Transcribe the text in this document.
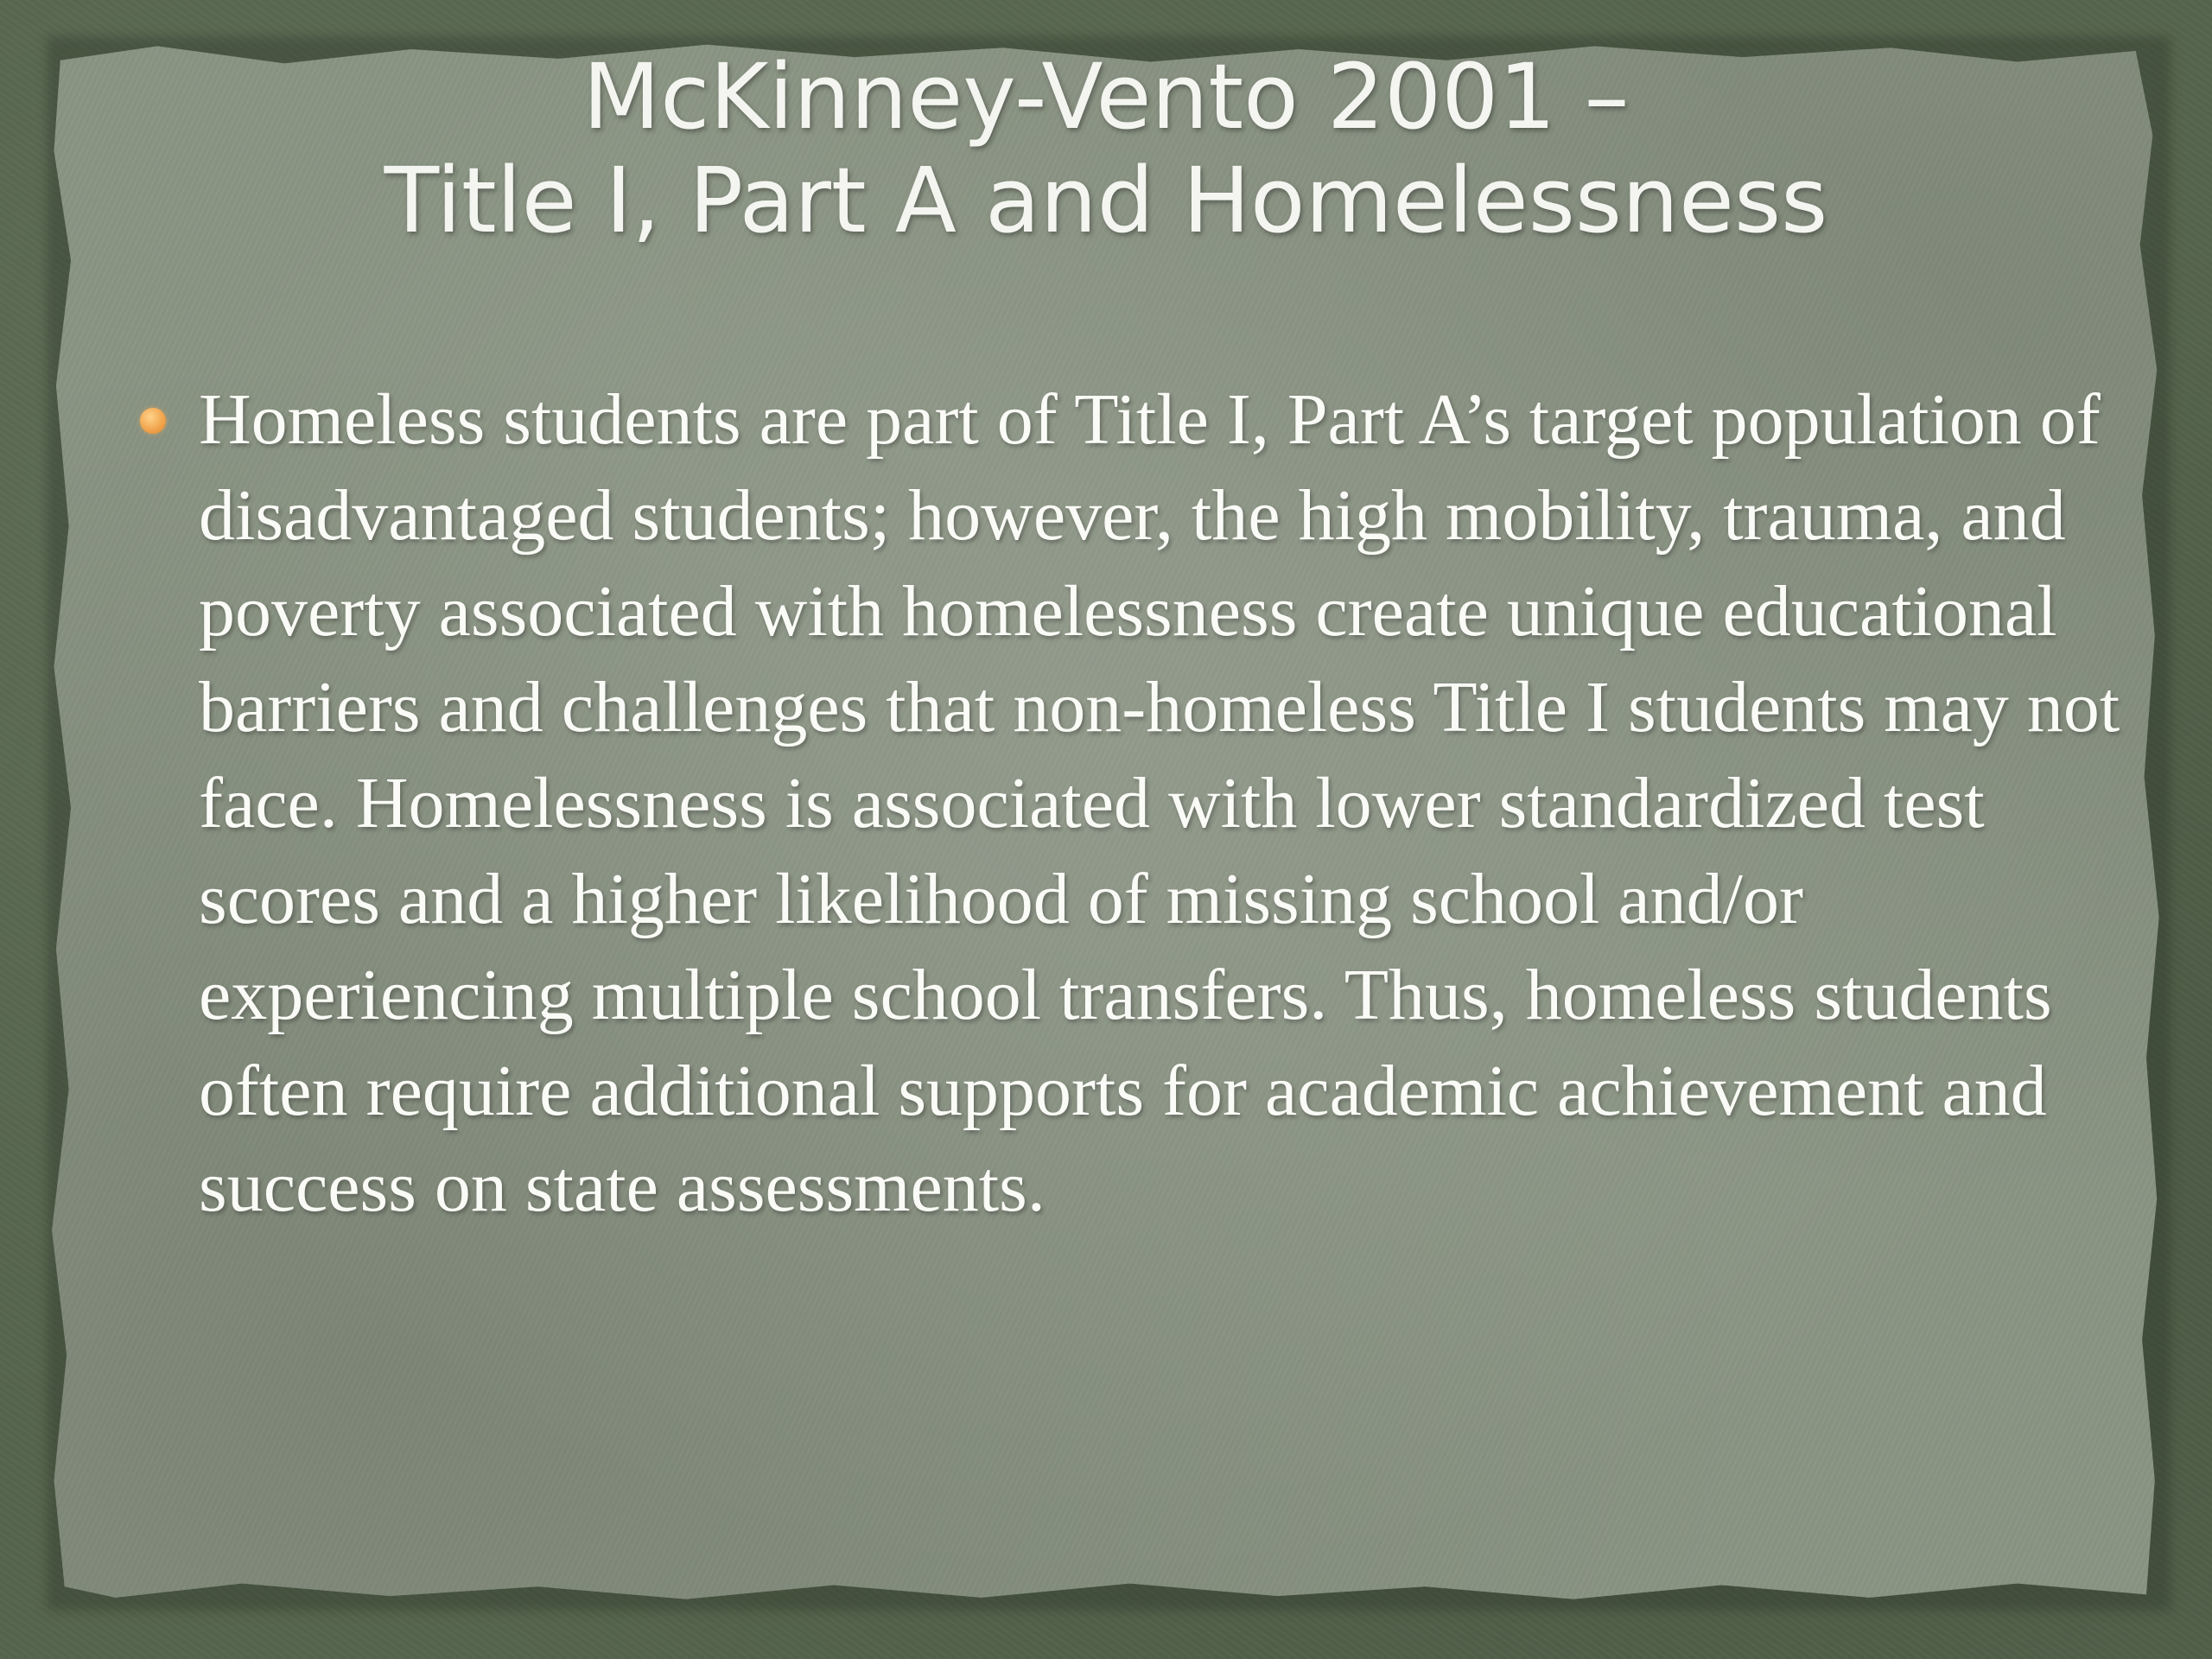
McKinney-Vento 2001 –
Title I, Part A and Homelessness
Homeless students are part of Title I, Part A’s target population of disadvantaged students; however, the high mobility, trauma, and poverty associated with homelessness create unique educational barriers and challenges that non-homeless Title I students may not face. Homelessness is associated with lower standardized test scores and a higher likelihood of missing school and/or experiencing multiple school transfers. Thus, homeless students often require additional supports for academic achievement and success on state assessments.
